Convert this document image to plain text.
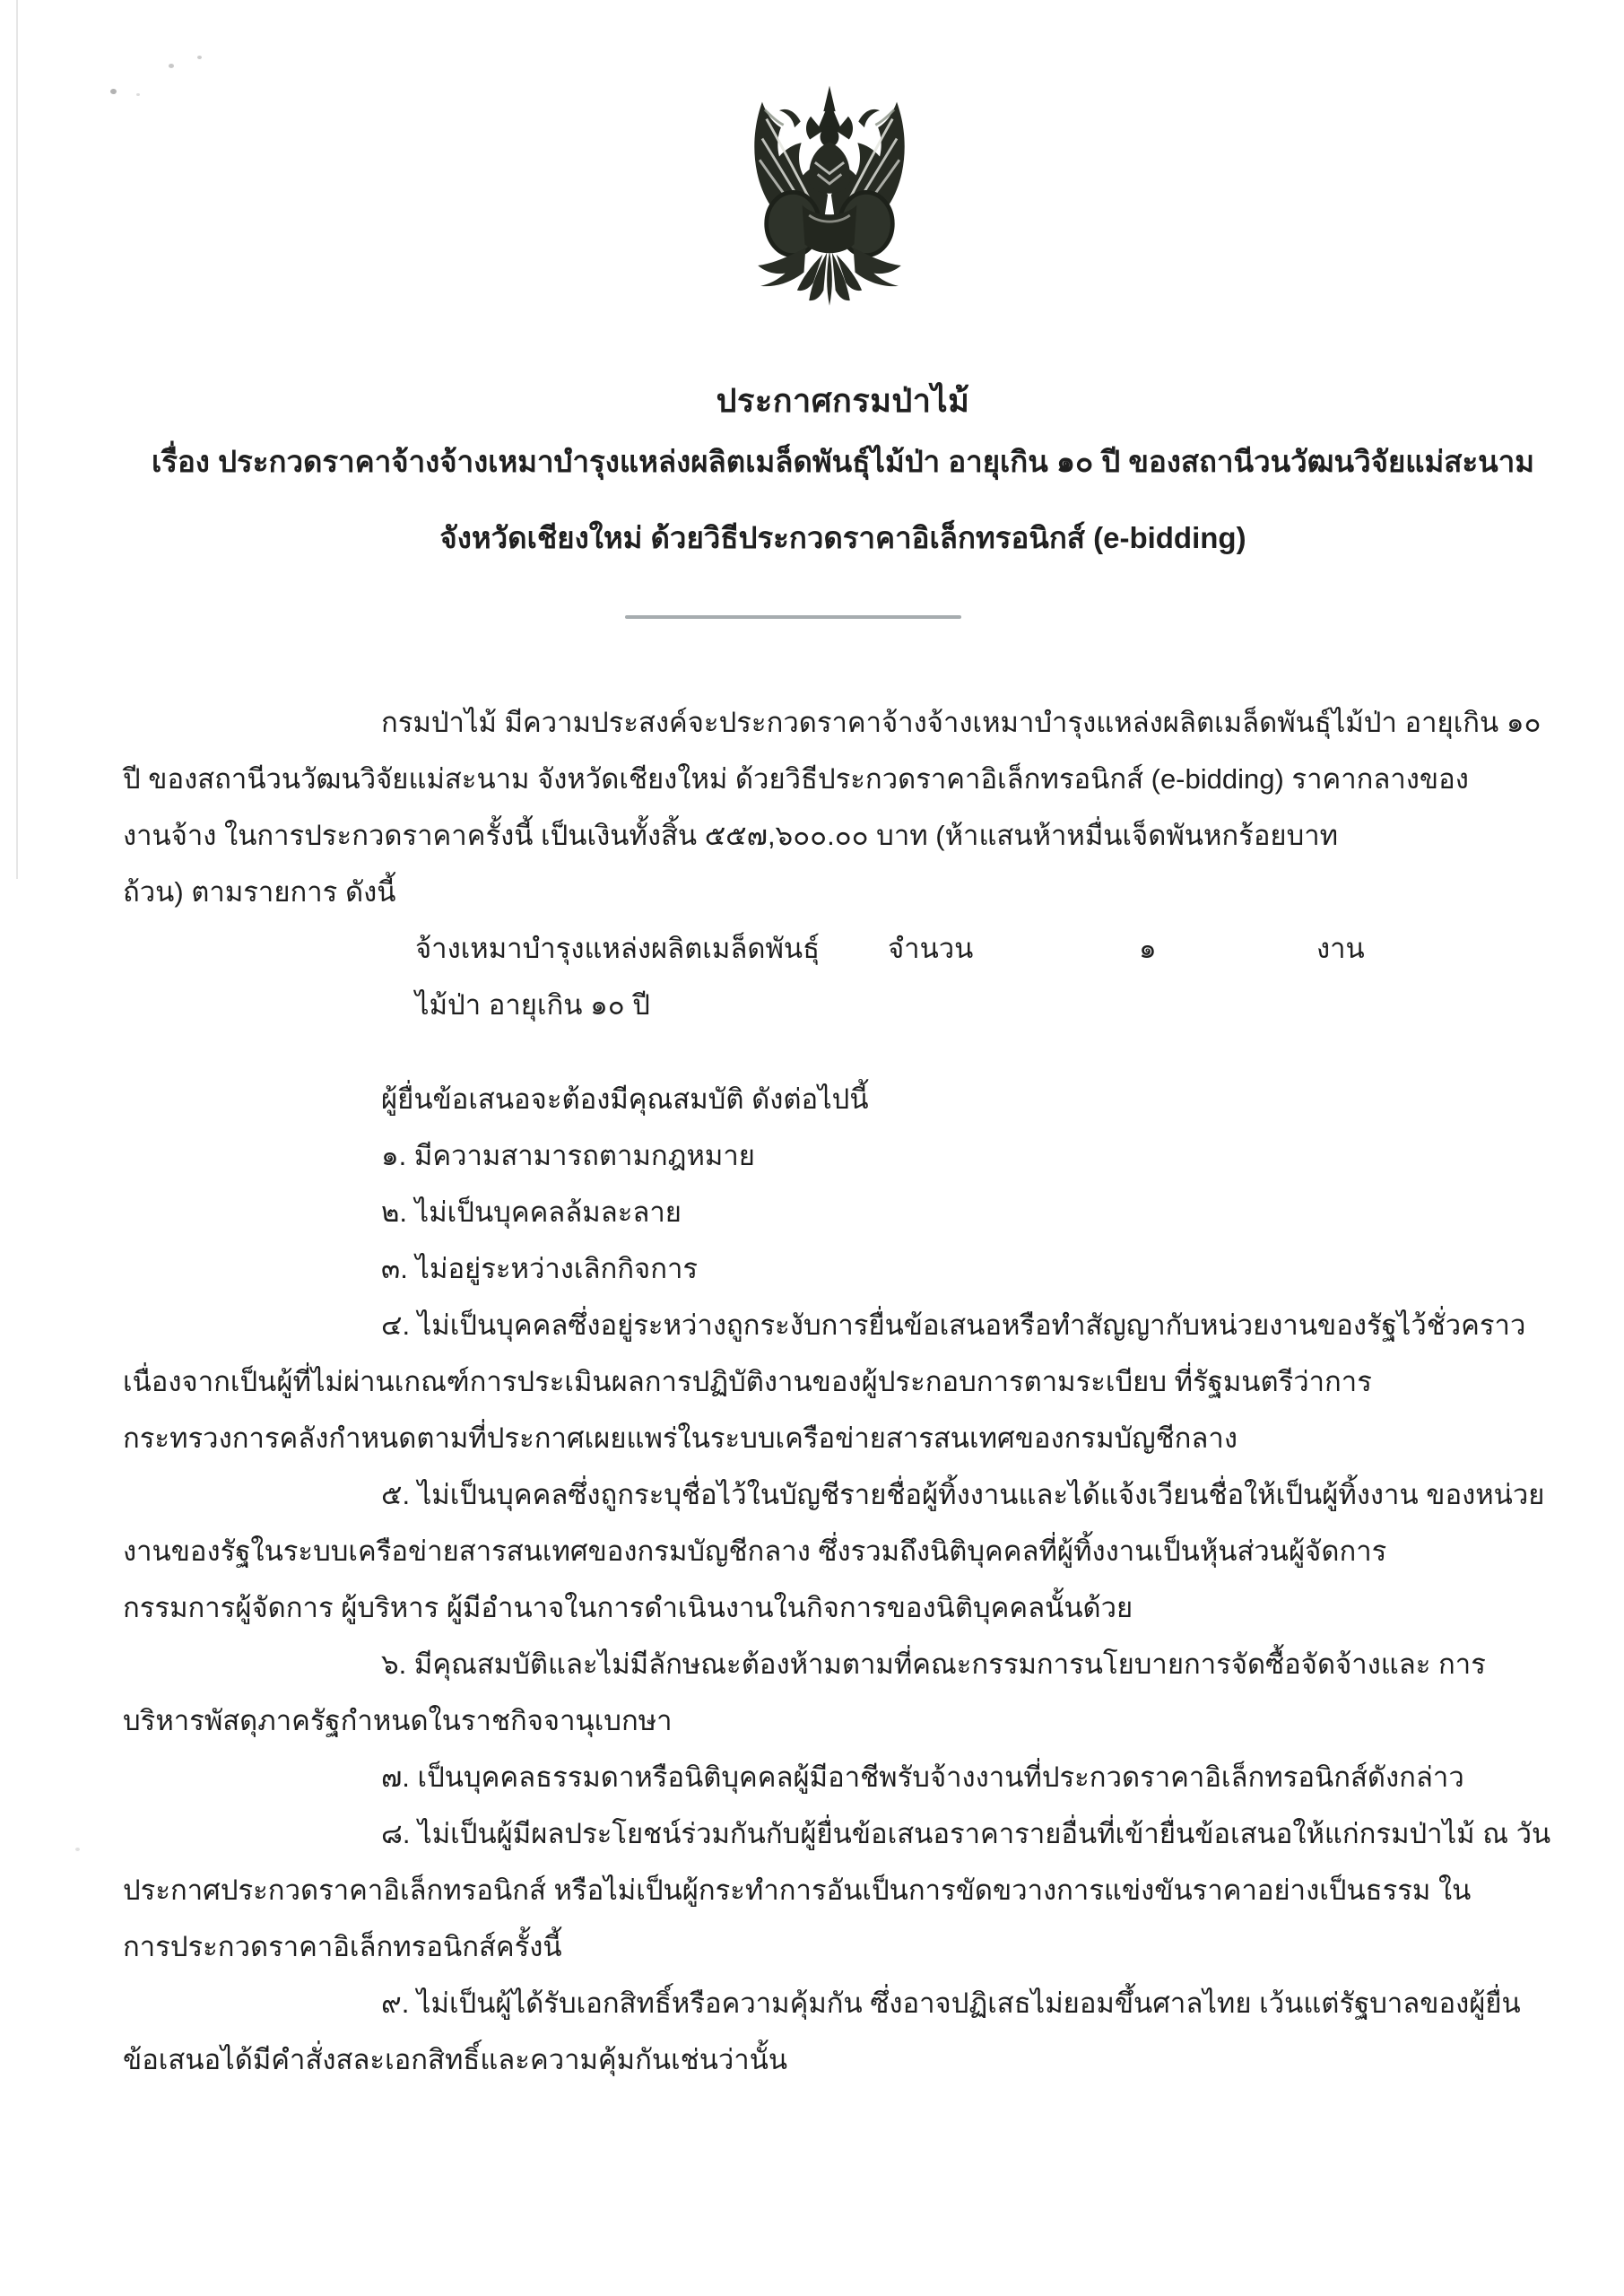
ประกาศกรมป่าไม้
เรื่อง ประกวดราคาจ้างจ้างเหมาบำรุงแหล่งผลิตเมล็ดพันธุ์ไม้ป่า อายุเกิน ๑๐ ปี ของสถานีวนวัฒนวิจัยแม่สะนาม
จังหวัดเชียงใหม่ ด้วยวิธีประกวดราคาอิเล็กทรอนิกส์ (e-bidding)
กรมป่าไม้ มีความประสงค์จะประกวดราคาจ้างจ้างเหมาบำรุงแหล่งผลิตเมล็ดพันธุ์ไม้ป่า อายุเกิน ๑๐
ปี ของสถานีวนวัฒนวิจัยแม่สะนาม จังหวัดเชียงใหม่ ด้วยวิธีประกวดราคาอิเล็กทรอนิกส์ (e-bidding) ราคากลางของ
งานจ้าง ในการประกวดราคาครั้งนี้ เป็นเงินทั้งสิ้น ๕๕๗,๖๐๐.๐๐ บาท (ห้าแสนห้าหมื่นเจ็ดพันหกร้อยบาท
ถ้วน) ตามรายการ ดังนี้
จ้างเหมาบำรุงแหล่งผลิตเมล็ดพันธุ์ จำนวน	๑	งาน
ไม้ป่า อายุเกิน ๑๐ ปี
ผู้ยื่นข้อเสนอจะต้องมีคุณสมบัติ ดังต่อไปนี้
๑. มีความสามารถตามกฎหมาย
๒. ไม่เป็นบุคคลล้มละลาย
๓. ไม่อยู่ระหว่างเลิกกิจการ
๔. ไม่เป็นบุคคลซึ่งอยู่ระหว่างถูกระงับการยื่นข้อเสนอหรือทำสัญญากับหน่วยงานของรัฐไว้ชั่วคราว
เนื่องจากเป็นผู้ที่ไม่ผ่านเกณฑ์การประเมินผลการปฏิบัติงานของผู้ประกอบการตามระเบียบ ที่รัฐมนตรีว่าการ
กระทรวงการคลังกำหนดตามที่ประกาศเผยแพร่ในระบบเครือข่ายสารสนเทศของกรมบัญชีกลาง
๕. ไม่เป็นบุคคลซึ่งถูกระบุชื่อไว้ในบัญชีรายชื่อผู้ทิ้งงานและได้แจ้งเวียนชื่อให้เป็นผู้ทิ้งงาน ของหน่วย
งานของรัฐในระบบเครือข่ายสารสนเทศของกรมบัญชีกลาง ซึ่งรวมถึงนิติบุคคลที่ผู้ทิ้งงานเป็นหุ้นส่วนผู้จัดการ
กรรมการผู้จัดการ ผู้บริหาร ผู้มีอำนาจในการดำเนินงานในกิจการของนิติบุคคลนั้นด้วย
๖. มีคุณสมบัติและไม่มีลักษณะต้องห้ามตามที่คณะกรรมการนโยบายการจัดซื้อจัดจ้างและ การ
บริหารพัสดุภาครัฐกำหนดในราชกิจจานุเบกษา
๗. เป็นบุคคลธรรมดาหรือนิติบุคคลผู้มีอาชีพรับจ้างงานที่ประกวดราคาอิเล็กทรอนิกส์ดังกล่าว
๘. ไม่เป็นผู้มีผลประโยชน์ร่วมกันกับผู้ยื่นข้อเสนอราคารายอื่นที่เข้ายื่นข้อเสนอให้แก่กรมป่าไม้ ณ วัน
ประกาศประกวดราคาอิเล็กทรอนิกส์ หรือไม่เป็นผู้กระทำการอันเป็นการขัดขวางการแข่งขันราคาอย่างเป็นธรรม ใน
การประกวดราคาอิเล็กทรอนิกส์ครั้งนี้
๙. ไม่เป็นผู้ได้รับเอกสิทธิ์หรือความคุ้มกัน ซึ่งอาจปฏิเสธไม่ยอมขึ้นศาลไทย เว้นแต่รัฐบาลของผู้ยื่น
ข้อเสนอได้มีคำสั่งสละเอกสิทธิ์และความคุ้มกันเช่นว่านั้น
